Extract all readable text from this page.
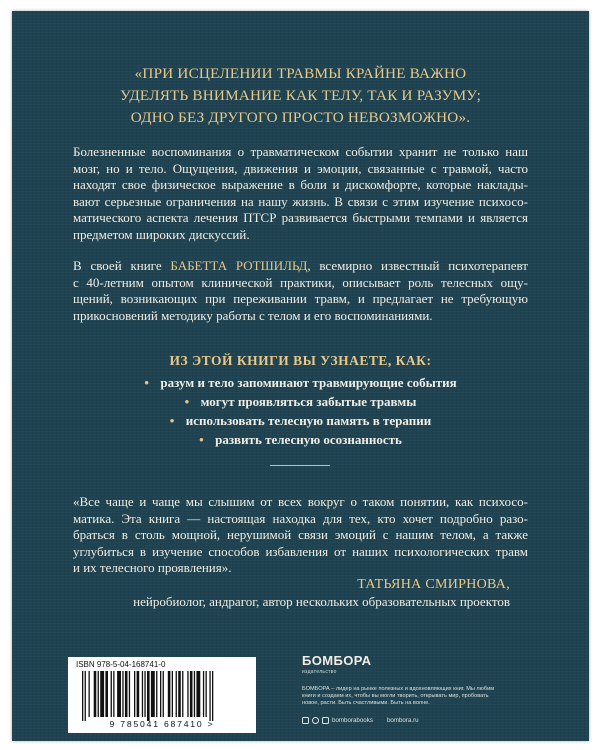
«ПРИ ИСЦЕЛЕНИИ ТРАВМЫ КРАЙНЕ ВАЖНО
УДЕЛЯТЬ ВНИМАНИЕ КАК ТЕЛУ, ТАК И РАЗУМУ;
ОДНО БЕЗ ДРУГОГО ПРОСТО НЕВОЗМОЖНО».
Болезненные воспоминания о травматическом событии хранит не только наш
мозг, но и тело. Ощущения, движения и эмоции, связанные с травмой, часто
находят свое физическое выражение в боли и дискомфорте, которые наклады-
вают серьезные ограничения на нашу жизнь. В связи с этим изучение психосо-
матического аспекта лечения ПТСР развивается быстрыми темпами и является
предметом широких дискуссий.
В своей книге БАБЕТТА РОТШИЛЬД, всемирно известный психотерапевт
с 40-летним опытом клинической практики, описывает роль телесных ощу-
щений, возникающих при переживании травм, и предлагает не требующую
прикосновений методику работы с телом и его воспоминаниями.
ИЗ ЭТОЙ КНИГИ ВЫ УЗНАЕТЕ, КАК:
• разум и тело запоминают травмирующие события
• могут проявляться забытые травмы
• использовать телесную память в терапии
• развить телесную осознанность
«Все чаще и чаще мы слышим от всех вокруг о таком понятии, как психосо-
матика. Эта книга — настоящая находка для тех, кто хочет подробно разо-
браться в столь мощной, нерушимой связи эмоций с нашим телом, а также
углубиться в изучение способов избавления от наших психологических травм
и их телесного проявления».
ТАТЬЯНА СМИРНОВА,
нейробиолог, андрагог, автор нескольких образовательных проектов
ISBN 978-5-04-168741-0
9 785041 687410 >
БОМБОРА
издательство
БОМБОРА – лидер на рынке полезных и вдохновляющих книг. Мы любим книги и создаем их, чтобы вы могли творить, открывать мир, пробовать новое, расти. Быть счастливыми. Быть на волне.
bomborabooks bombora.ru
